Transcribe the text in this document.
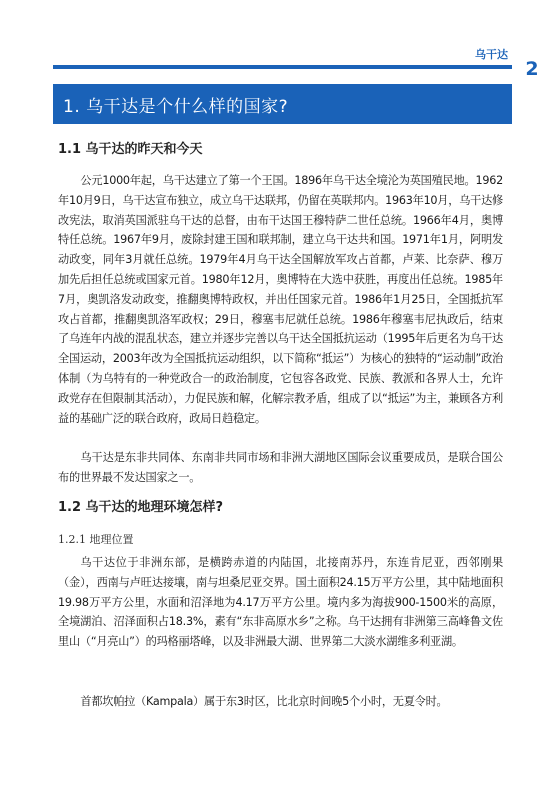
乌干达
2
1. 乌干达是个什么样的国家?
1.1 乌干达的昨天和今天

公元1000年起，乌干达建立了第一个王国。1896年乌干达全境沦为英国殖民地。1962年10月9日，乌干达宣布独立，成立乌干达联邦，仍留在英联邦内。1963年10月，乌干达修改宪法，取消英国派驻乌干达的总督，由布干达国王穆特萨二世任总统。1966年4月，奥博特任总统。1967年9月，废除封建王国和联邦制，建立乌干达共和国。1971年1月，阿明发动政变，同年3月就任总统。1979年4月乌干达全国解放军攻占首都，卢莱、比奈萨、穆万加先后担任总统或国家元首。1980年12月，奥博特在大选中获胜，再度出任总统。1985年7月，奥凯洛发动政变，推翻奥博特政权，并出任国家元首。1986年1月25日，全国抵抗军攻占首都，推翻奥凯洛军政权；29日，穆塞韦尼就任总统。1986年穆塞韦尼执政后，结束了乌连年内战的混乱状态，建立并逐步完善以乌干达全国抵抗运动（1995年后更名为乌干达全国运动，2003年改为全国抵抗运动组织，以下简称“抵运”）为核心的独特的“运动制”政治体制（为乌特有的一种党政合一的政治制度，它包容各政党、民族、教派和各界人士，允许政党存在但限制其活动），力促民族和解，化解宗教矛盾，组成了以“抵运”为主，兼顾各方利益的基础广泛的联合政府，政局日趋稳定。

乌干达是东非共同体、东南非共同市场和非洲大湖地区国际会议重要成员，是联合国公布的世界最不发达国家之一。

1.2 乌干达的地理环境怎样?
1.2.1 地理位置

乌干达位于非洲东部，是横跨赤道的内陆国，北接南苏丹，东连肯尼亚，西邻刚果（金），西南与卢旺达接壤，南与坦桑尼亚交界。国土面积24.15万平方公里，其中陆地面积19.98万平方公里，水面和沼泽地为4.17万平方公里。境内多为海拔900-1500米的高原，全境湖泊、沼泽面积占18.3%，素有“东非高原水乡”之称。乌干达拥有非洲第三高峰鲁文佐里山（“月亮山”）的玛格丽塔峰，以及非洲最大湖、世界第二大淡水湖维多利亚湖。

首都坎帕拉（Kampala）属于东3时区，比北京时间晚5个小时，无夏令时。
